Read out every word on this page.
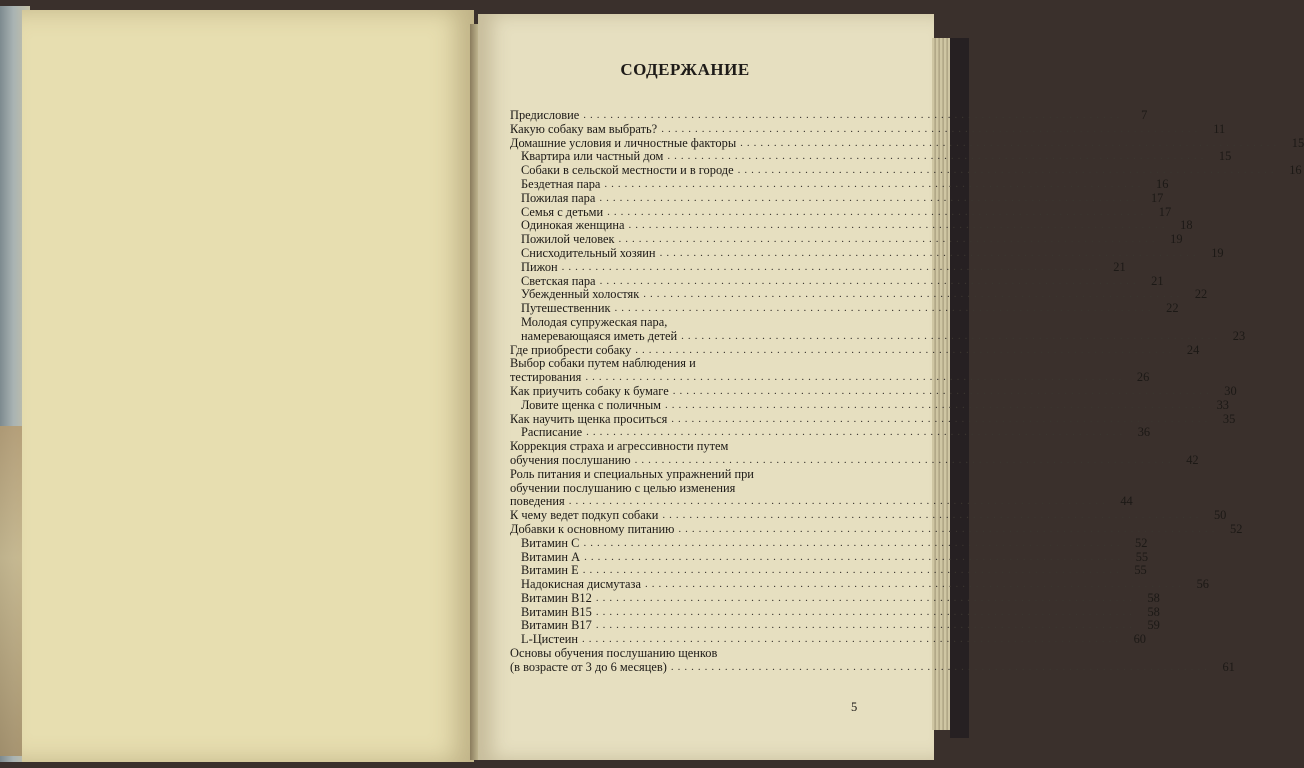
СОДЕРЖАНИЕ
Предисловие ................................................................................	7
Какую собаку вам выбрать? ................................................................................ 11
Домашние условия и личностные факторы ................................................................................ 15
Квартира или частный дом ................................................................................ 15
Собаки в сельской местности и в городе ................................................................................ 16
Бездетная пара ................................................................................ 16
Пожилая пара ................................................................................ 17
Семья с детьми ................................................................................ 17
Одинокая женщина ................................................................................ 18
Пожилой человек ................................................................................ 19
Снисходительный хозяин ................................................................................ 19
Пижон ................................................................................ 21
Светская пара ................................................................................ 21
Убежденный холостяк ................................................................................ 22
Путешественник ................................................................................ 22
Молодая супружеская пара,
намеревающаяся иметь детей ................................................................................ 23
Где приобрести собаку ................................................................................ 24
Выбор собаки путем наблюдения и
тестирования ................................................................................ 26
Как приучить собаку к бумаге ................................................................................ 30
Ловите щенка с поличным ................................................................................ 33
Как научить щенка проситься ................................................................................ 35
Расписание ................................................................................ 36
Коррекция страха и агрессивности путем
обучения послушанию ................................................................................ 42
Роль питания и специальных упражнений при
обучении послушанию с целью изменения
поведения ................................................................................ 44
К чему ведет подкуп собаки ................................................................................ 50
Добавки к основному питанию ................................................................................ 52
Витамин С ................................................................................ 52
Витамин А ................................................................................ 55
Витамин Е ................................................................................ 55
Надокисная дисмутаза ................................................................................ 56
Витамин В12 ................................................................................ 58
Витамин В15 ................................................................................ 58
Витамин В17 ................................................................................ 59
L-Цистеин ................................................................................ 60
Основы обучения послушанию щенков
(в возрасте от 3 до 6 месяцев) ................................................................................ 61
5
